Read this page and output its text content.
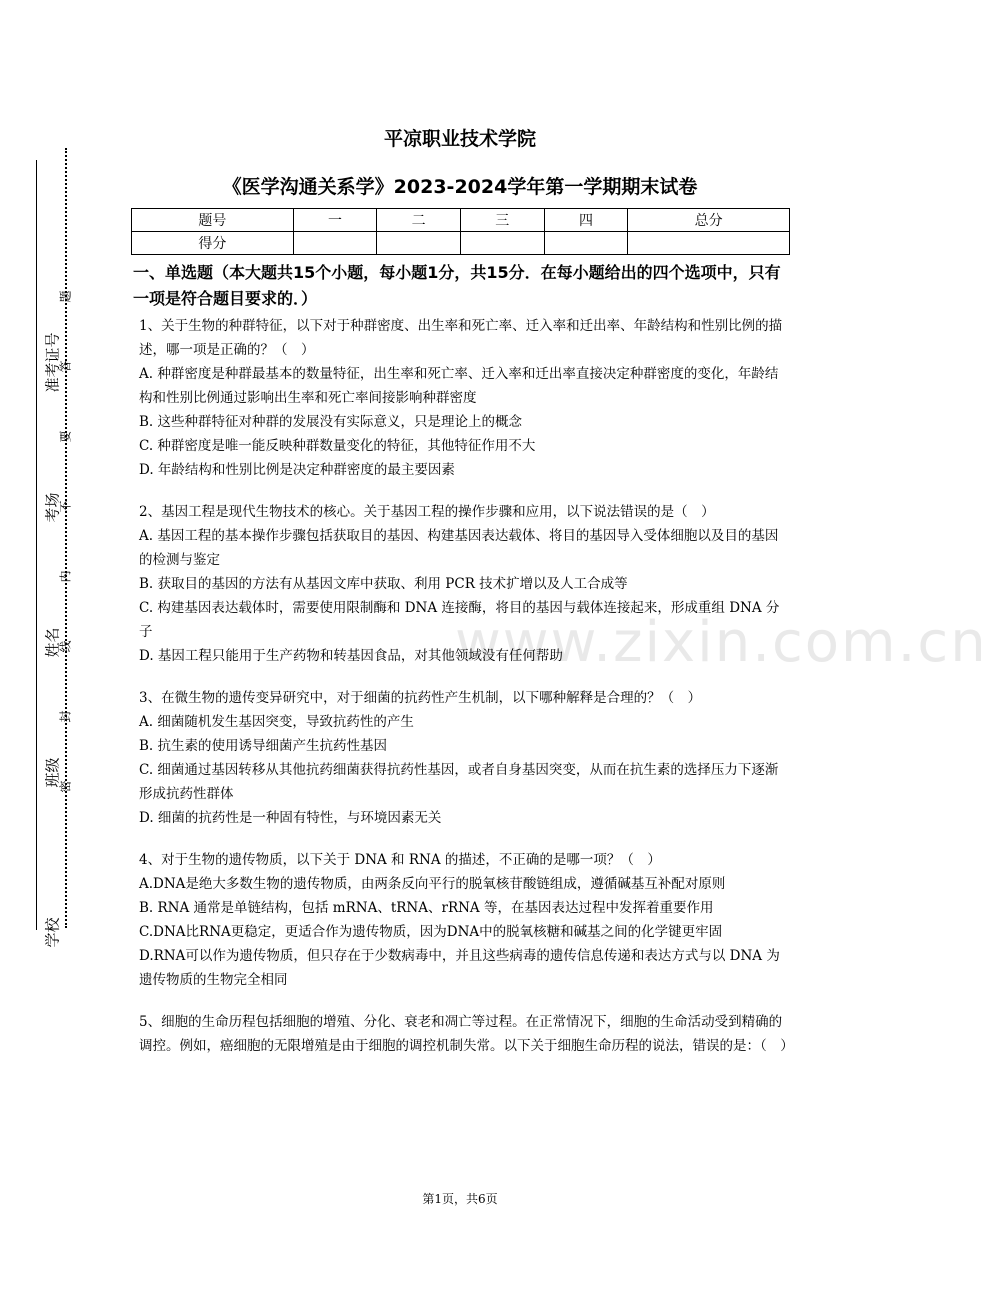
准考证号
考场
姓名
班级
学校
题
答
要
不
内
线
封
密
www.zixin.com.cn
平凉职业技术学院
《医学沟通关系学》2023-2024学年第一学期期末试卷
题号	一	二	三	四	总分
得分					
一、单选题（本大题共15个小题，每小题1分，共15分．在每小题给出的四个选项中，只有一项是符合题目要求的．）

1、关于生物的种群特征，以下对于种群密度、出生率和死亡率、迁入率和迁出率、年龄结构和性别比例的描述，哪一项是正确的？（　）

A. 种群密度是种群最基本的数量特征，出生率和死亡率、迁入率和迁出率直接决定种群密度的变化，年龄结构和性别比例通过影响出生率和死亡率间接影响种群密度

B. 这些种群特征对种群的发展没有实际意义，只是理论上的概念

C. 种群密度是唯一能反映种群数量变化的特征，其他特征作用不大

D. 年龄结构和性别比例是决定种群密度的最主要因素

2、基因工程是现代生物技术的核心。关于基因工程的操作步骤和应用，以下说法错误的是（　）

A. 基因工程的基本操作步骤包括获取目的基因、构建基因表达载体、将目的基因导入受体细胞以及目的基因的检测与鉴定

B. 获取目的基因的方法有从基因文库中获取、利用 PCR 技术扩增以及人工合成等

C. 构建基因表达载体时，需要使用限制酶和 DNA 连接酶，将目的基因与载体连接起来，形成重组 DNA 分子

D. 基因工程只能用于生产药物和转基因食品，对其他领域没有任何帮助

3、在微生物的遗传变异研究中，对于细菌的抗药性产生机制，以下哪种解释是合理的？（　）

A. 细菌随机发生基因突变，导致抗药性的产生

B. 抗生素的使用诱导细菌产生抗药性基因

C. 细菌通过基因转移从其他抗药细菌获得抗药性基因，或者自身基因突变，从而在抗生素的选择压力下逐渐形成抗药性群体

D. 细菌的抗药性是一种固有特性，与环境因素无关

4、对于生物的遗传物质，以下关于 DNA 和 RNA 的描述，不正确的是哪一项？（　）

A.DNA是绝大多数生物的遗传物质，由两条反向平行的脱氧核苷酸链组成，遵循碱基互补配对原则

B. RNA 通常是单链结构，包括 mRNA、tRNA、rRNA 等，在基因表达过程中发挥着重要作用

C.DNA比RNA更稳定，更适合作为遗传物质，因为DNA中的脱氧核糖和碱基之间的化学键更牢固

D.RNA可以作为遗传物质，但只存在于少数病毒中，并且这些病毒的遗传信息传递和表达方式与以 DNA 为遗传物质的生物完全相同

5、细胞的生命历程包括细胞的增殖、分化、衰老和凋亡等过程。在正常情况下，细胞的生命活动受到精确的调控。例如，癌细胞的无限增殖是由于细胞的调控机制失常。以下关于细胞生命历程的说法，错误的是：（　）

第1页，共6页
